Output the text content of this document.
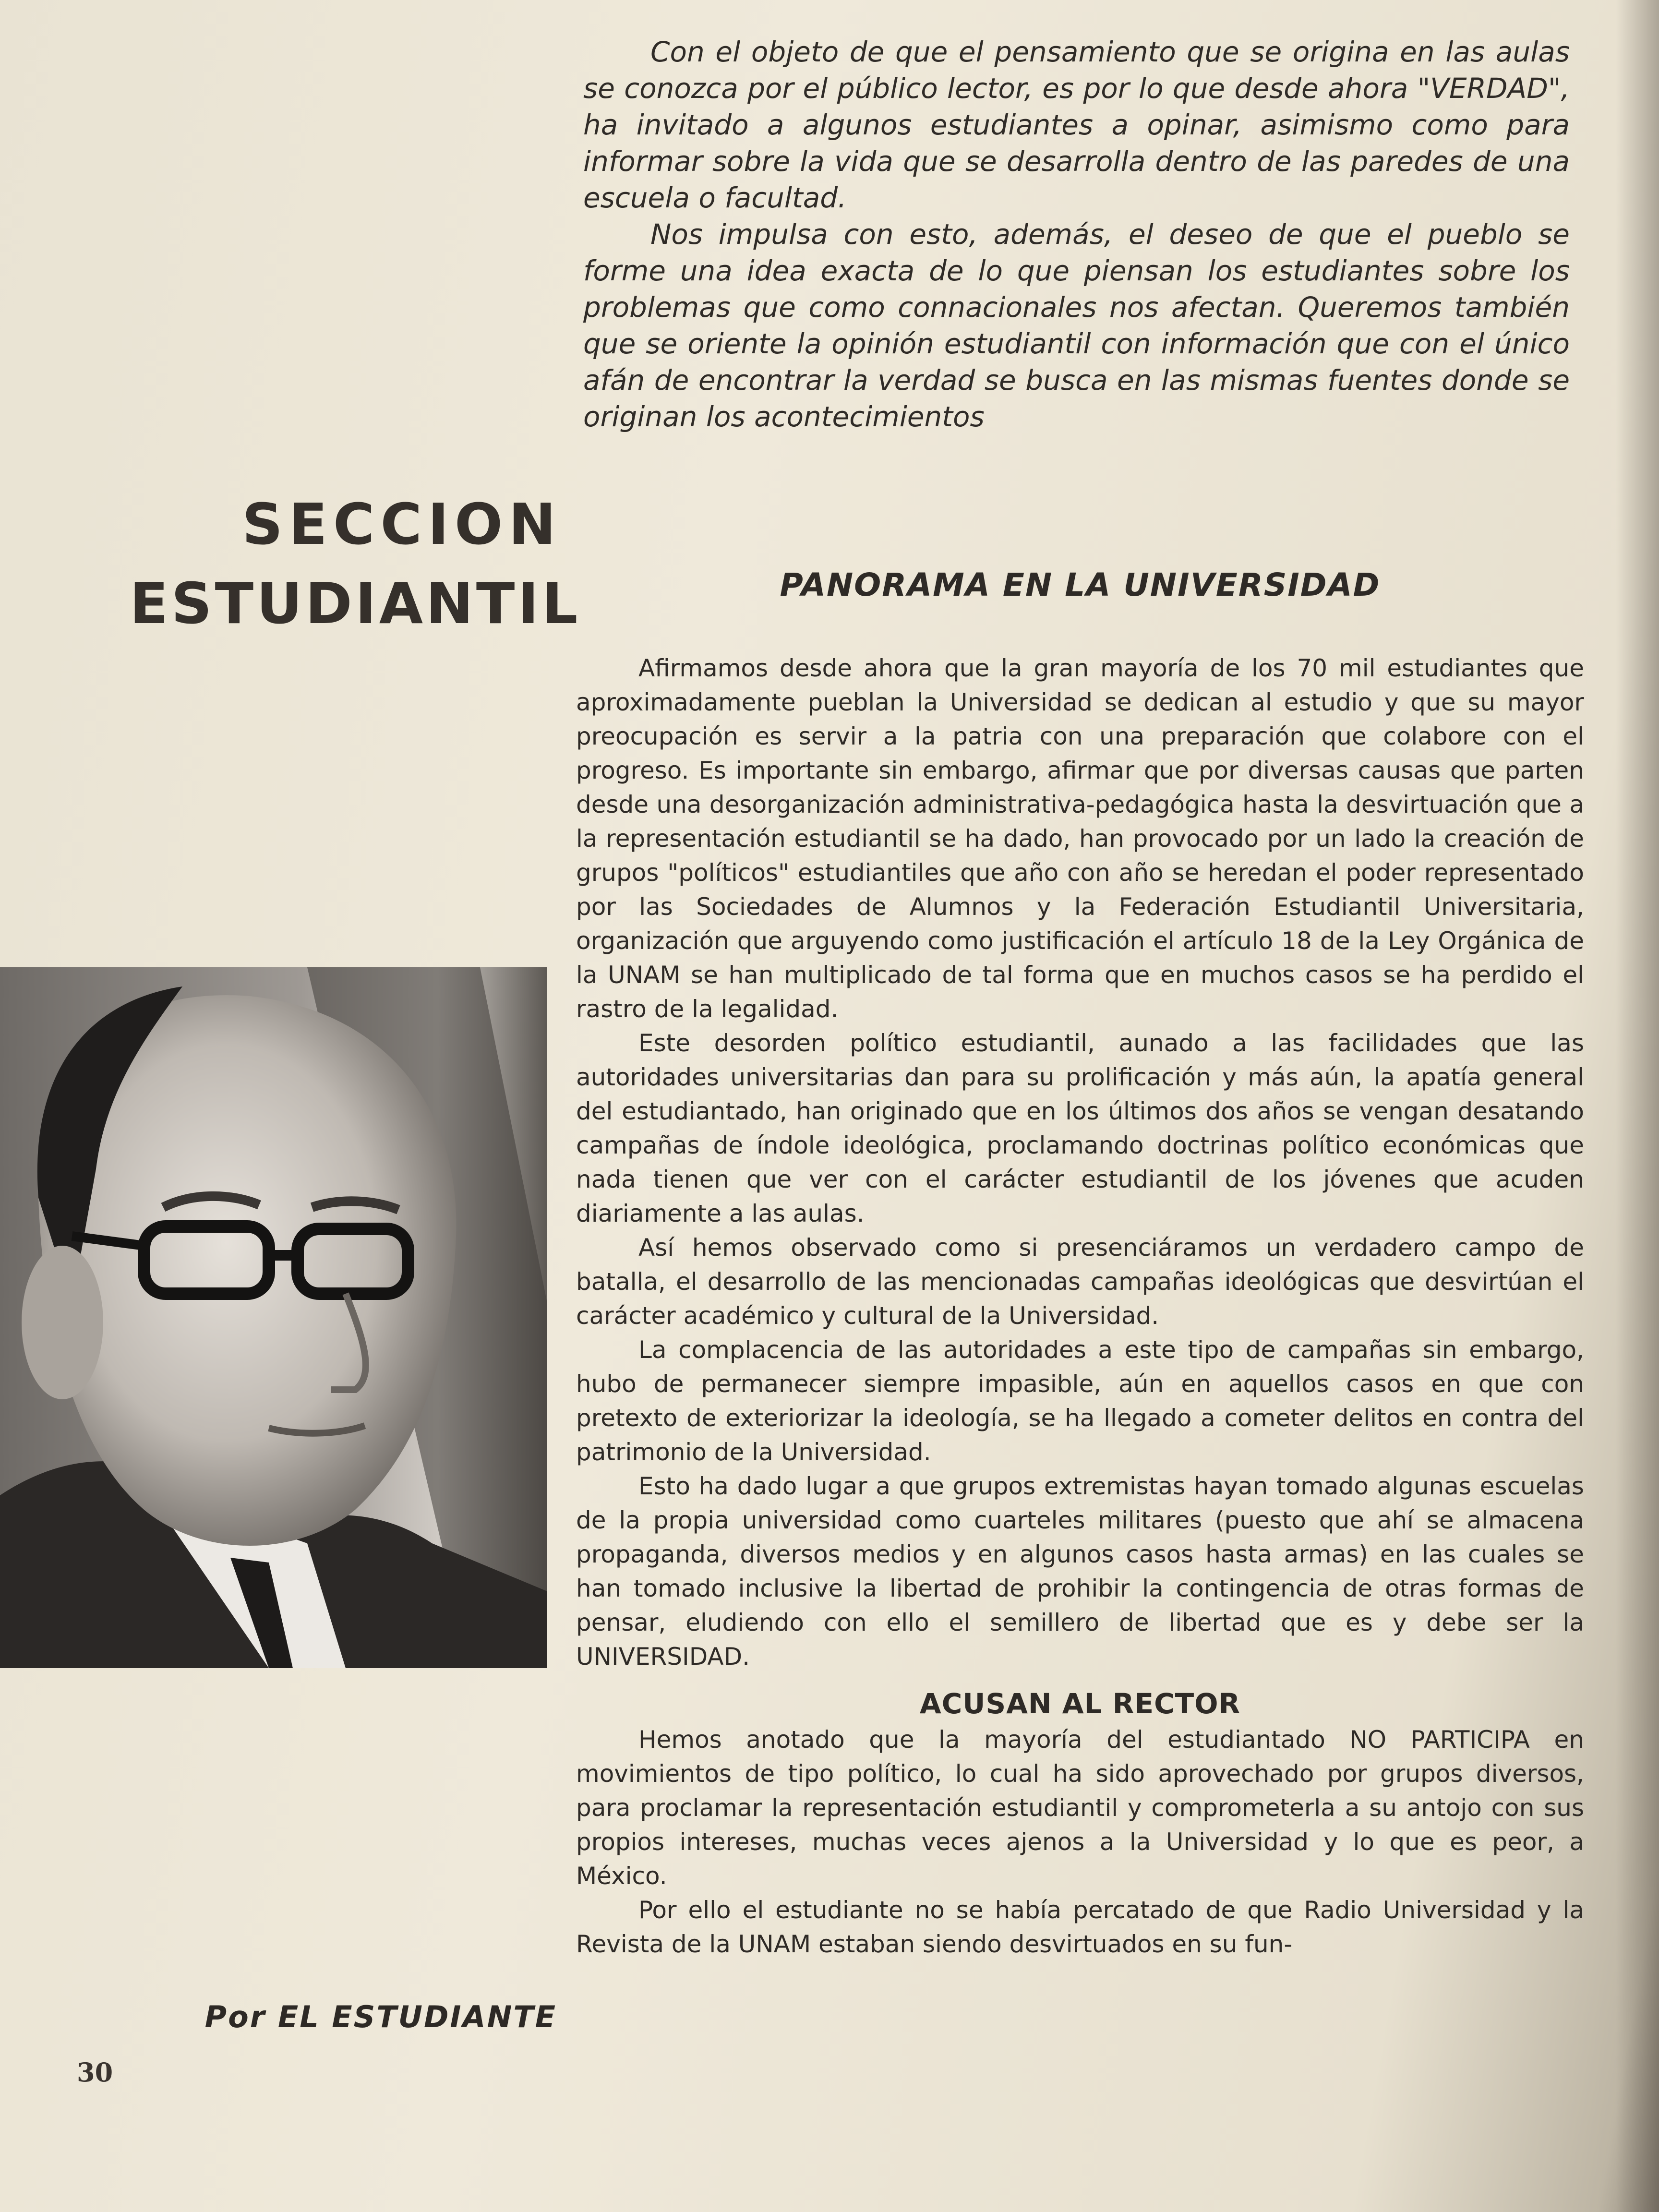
Con el objeto de que el pensamiento que se origina en las aulas se conozca por el público lector, es por lo que desde ahora "VERDAD", ha invitado a algunos estudiantes a opinar, asimismo como para informar sobre la vida que se desarrolla dentro de las paredes de una escuela o facultad.

Nos impulsa con esto, además, el deseo de que el pueblo se forme una idea exacta de lo que piensan los estudiantes sobre los problemas que como connacionales nos afectan. Queremos también que se oriente la opinión estudiantil con información que con el único afán de encontrar la verdad se busca en las mismas fuentes donde se originan los acontecimientos

SECCION
ESTUDIANTIL	PANORAMA EN LA UNIVERSIDAD

Afirmamos desde ahora que la gran mayoría de los 70 mil estudiantes que aproximadamente pueblan la Universidad se dedican al estudio y que su mayor preocupación es servir a la patria con una preparación que colabore con el progreso. Es importante sin embargo, afirmar que por diversas causas que parten desde una desorganización administrativa-pedagógica hasta la desvirtuación que a la representación estudiantil se ha dado, han provocado por un lado la creación de grupos "políticos" estudiantiles que año con año se heredan el poder representado por las Sociedades de Alumnos y la Federación Estudiantil Universitaria, organización que arguyendo como justificación el artículo 18 de la Ley Orgánica de la UNAM se han multiplicado de tal forma que en muchos casos se ha perdido el rastro de la legalidad.

Este desorden político estudiantil, aunado a las facilidades que las autoridades universitarias dan para su prolificación y más aún, la apatía general del estudiantado, han originado que en los últimos dos años se vengan desatando campañas de índole ideológica, proclamando doctrinas político económicas que nada tienen que ver con el carácter estudiantil de los jóvenes que acuden diariamente a las aulas.

Así hemos observado como si presenciáramos un verdadero campo de batalla, el desarrollo de las mencionadas campañas ideológicas que desvirtúan el carácter académico y cultural de la Universidad.

La complacencia de las autoridades a este tipo de campañas sin embargo, hubo de permanecer siempre impasible, aún en aquellos casos en que con pretexto de exteriorizar la ideología, se ha llegado a cometer delitos en contra del patrimonio de la Universidad.

Esto ha dado lugar a que grupos extremistas hayan tomado algunas escuelas de la propia universidad como cuarteles militares (puesto que ahí se almacena propaganda, diversos medios y en algunos casos hasta armas) en las cuales se han tomado inclusive la libertad de prohibir la contingencia de otras formas de pensar, eludiendo con ello el semillero de libertad que es y debe ser la UNIVERSIDAD.

ACUSAN AL RECTOR

Hemos anotado que la mayoría del estudiantado NO PARTICIPA en movimientos de tipo político, lo cual ha sido aprovechado por grupos diversos, para proclamar la representación estudiantil y comprometerla a su antojo con sus propios intereses, muchas veces ajenos a la Universidad y lo que es peor, a México.

Por ello el estudiante no se había percatado de que Radio Universidad y la Revista de la UNAM estaban siendo desvirtuados en su fun-

Por EL ESTUDIANTE
30
